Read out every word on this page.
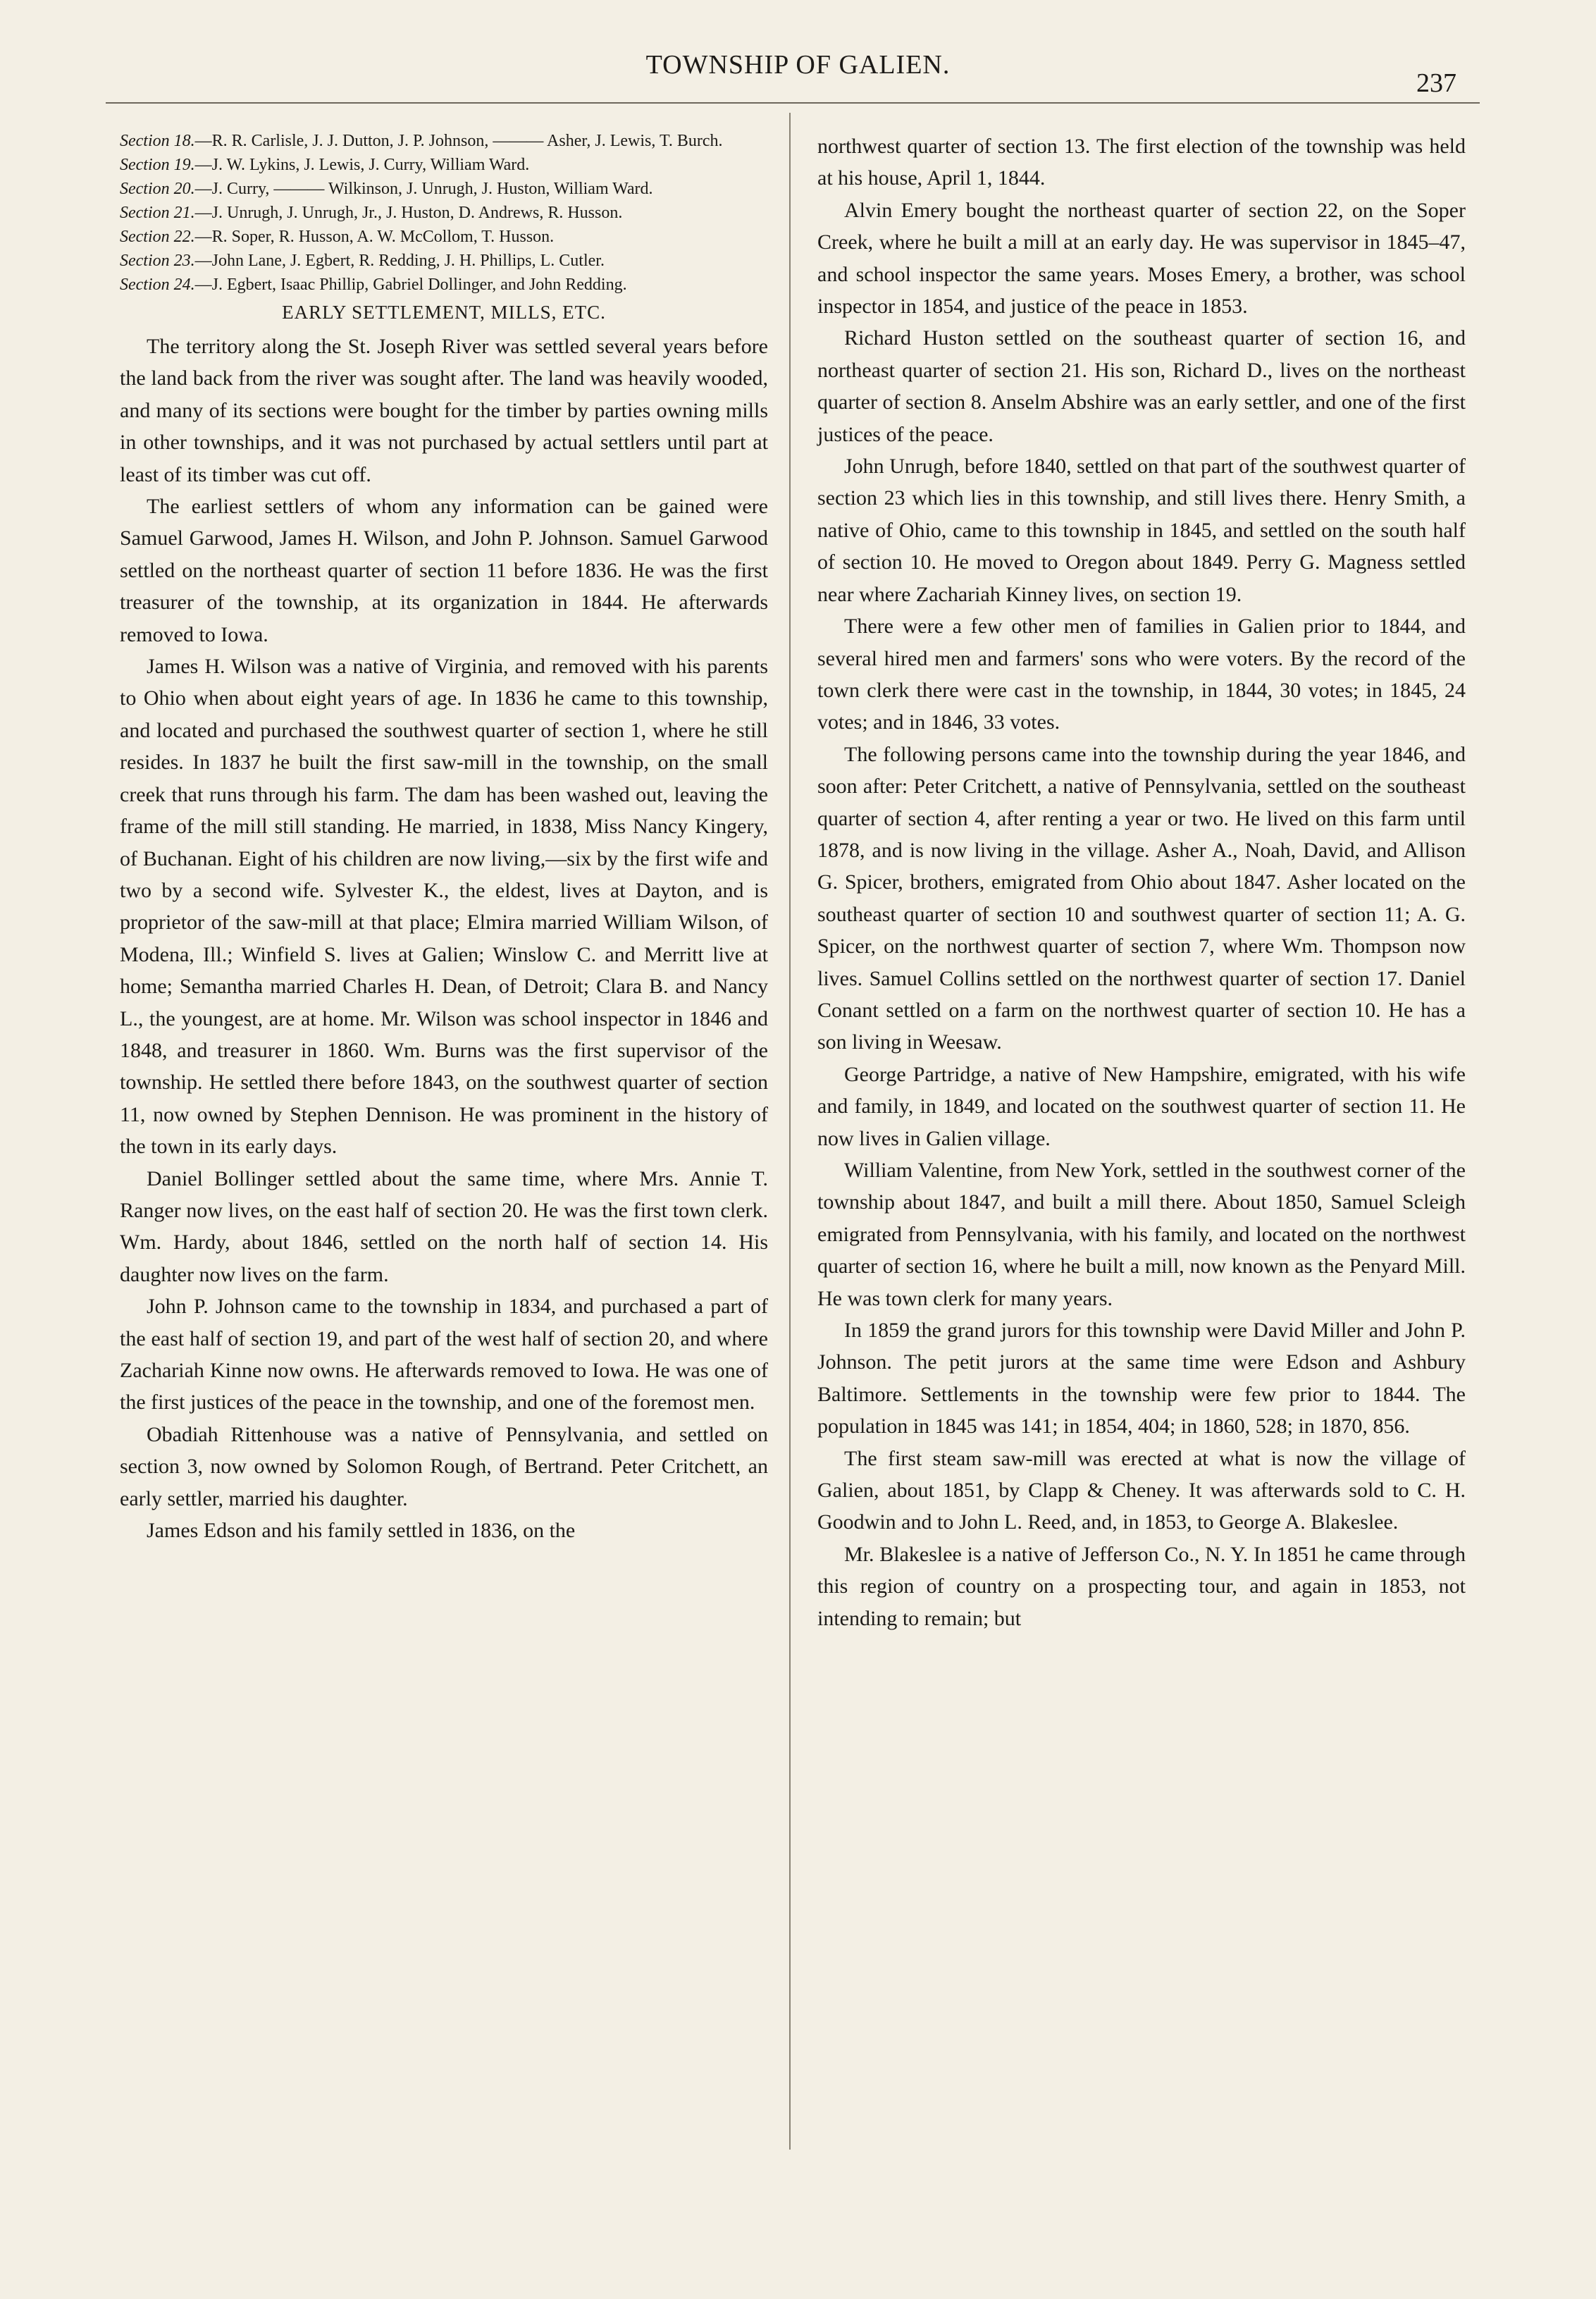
TOWNSHIP OF GALIEN.
237

Section 18.—R. R. Carlisle, J. J. Dutton, J. P. Johnson, ——— Asher, J. Lewis, T. Burch.

Section 19.—J. W. Lykins, J. Lewis, J. Curry, William Ward.

Section 20.—J. Curry, ——— Wilkinson, J. Unrugh, J. Huston, William Ward.

Section 21.—J. Unrugh, J. Unrugh, Jr., J. Huston, D. Andrews, R. Husson.

Section 22.—R. Soper, R. Husson, A. W. McCollom, T. Husson.

Section 23.—John Lane, J. Egbert, R. Redding, J. H. Phillips, L. Cutler.

Section 24.—J. Egbert, Isaac Phillip, Gabriel Dollinger, and John Redding.

EARLY SETTLEMENT, MILLS, ETC.

The territory along the St. Joseph River was settled several years before the land back from the river was sought after. The land was heavily wooded, and many of its sections were bought for the timber by parties owning mills in other townships, and it was not purchased by actual settlers until part at least of its timber was cut off.

The earliest settlers of whom any information can be gained were Samuel Garwood, James H. Wilson, and John P. Johnson. Samuel Garwood settled on the northeast quarter of section 11 before 1836. He was the first treasurer of the township, at its organization in 1844. He afterwards removed to Iowa.

James H. Wilson was a native of Virginia, and removed with his parents to Ohio when about eight years of age. In 1836 he came to this township, and located and purchased the southwest quarter of section 1, where he still resides. In 1837 he built the first saw-mill in the township, on the small creek that runs through his farm. The dam has been washed out, leaving the frame of the mill still standing. He married, in 1838, Miss Nancy Kingery, of Buchanan. Eight of his children are now living,—six by the first wife and two by a second wife. Sylvester K., the eldest, lives at Dayton, and is proprietor of the saw-mill at that place; Elmira married William Wilson, of Modena, Ill.; Winfield S. lives at Galien; Winslow C. and Merritt live at home; Semantha married Charles H. Dean, of Detroit; Clara B. and Nancy L., the youngest, are at home. Mr. Wilson was school inspector in 1846 and 1848, and treasurer in 1860. Wm. Burns was the first supervisor of the township. He settled there before 1843, on the southwest quarter of section 11, now owned by Stephen Dennison. He was prominent in the history of the town in its early days.

Daniel Bollinger settled about the same time, where Mrs. Annie T. Ranger now lives, on the east half of section 20. He was the first town clerk. Wm. Hardy, about 1846, settled on the north half of section 14. His daughter now lives on the farm.

John P. Johnson came to the township in 1834, and purchased a part of the east half of section 19, and part of the west half of section 20, and where Zachariah Kinne now owns. He afterwards removed to Iowa. He was one of the first justices of the peace in the township, and one of the foremost men.

Obadiah Rittenhouse was a native of Pennsylvania, and settled on section 3, now owned by Solomon Rough, of Bertrand. Peter Critchett, an early settler, married his daughter.

James Edson and his family settled in 1836, on the

northwest quarter of section 13. The first election of the township was held at his house, April 1, 1844.

Alvin Emery bought the northeast quarter of section 22, on the Soper Creek, where he built a mill at an early day. He was supervisor in 1845–47, and school inspector the same years. Moses Emery, a brother, was school inspector in 1854, and justice of the peace in 1853.

Richard Huston settled on the southeast quarter of section 16, and northeast quarter of section 21. His son, Richard D., lives on the northeast quarter of section 8. Anselm Abshire was an early settler, and one of the first justices of the peace.

John Unrugh, before 1840, settled on that part of the southwest quarter of section 23 which lies in this township, and still lives there. Henry Smith, a native of Ohio, came to this township in 1845, and settled on the south half of section 10. He moved to Oregon about 1849. Perry G. Magness settled near where Zachariah Kinney lives, on section 19.

There were a few other men of families in Galien prior to 1844, and several hired men and farmers' sons who were voters. By the record of the town clerk there were cast in the township, in 1844, 30 votes; in 1845, 24 votes; and in 1846, 33 votes.

The following persons came into the township during the year 1846, and soon after: Peter Critchett, a native of Pennsylvania, settled on the southeast quarter of section 4, after renting a year or two. He lived on this farm until 1878, and is now living in the village. Asher A., Noah, David, and Allison G. Spicer, brothers, emigrated from Ohio about 1847. Asher located on the southeast quarter of section 10 and southwest quarter of section 11; A. G. Spicer, on the northwest quarter of section 7, where Wm. Thompson now lives. Samuel Collins settled on the northwest quarter of section 17. Daniel Conant settled on a farm on the northwest quarter of section 10. He has a son living in Weesaw.

George Partridge, a native of New Hampshire, emigrated, with his wife and family, in 1849, and located on the southwest quarter of section 11. He now lives in Galien village.

William Valentine, from New York, settled in the southwest corner of the township about 1847, and built a mill there. About 1850, Samuel Scleigh emigrated from Pennsylvania, with his family, and located on the northwest quarter of section 16, where he built a mill, now known as the Penyard Mill. He was town clerk for many years.

In 1859 the grand jurors for this township were David Miller and John P. Johnson. The petit jurors at the same time were Edson and Ashbury Baltimore. Settlements in the township were few prior to 1844. The population in 1845 was 141; in 1854, 404; in 1860, 528; in 1870, 856.

The first steam saw-mill was erected at what is now the village of Galien, about 1851, by Clapp & Cheney. It was afterwards sold to C. H. Goodwin and to John L. Reed, and, in 1853, to George A. Blakeslee.

Mr. Blakeslee is a native of Jefferson Co., N. Y. In 1851 he came through this region of country on a prospecting tour, and again in 1853, not intending to remain; but
